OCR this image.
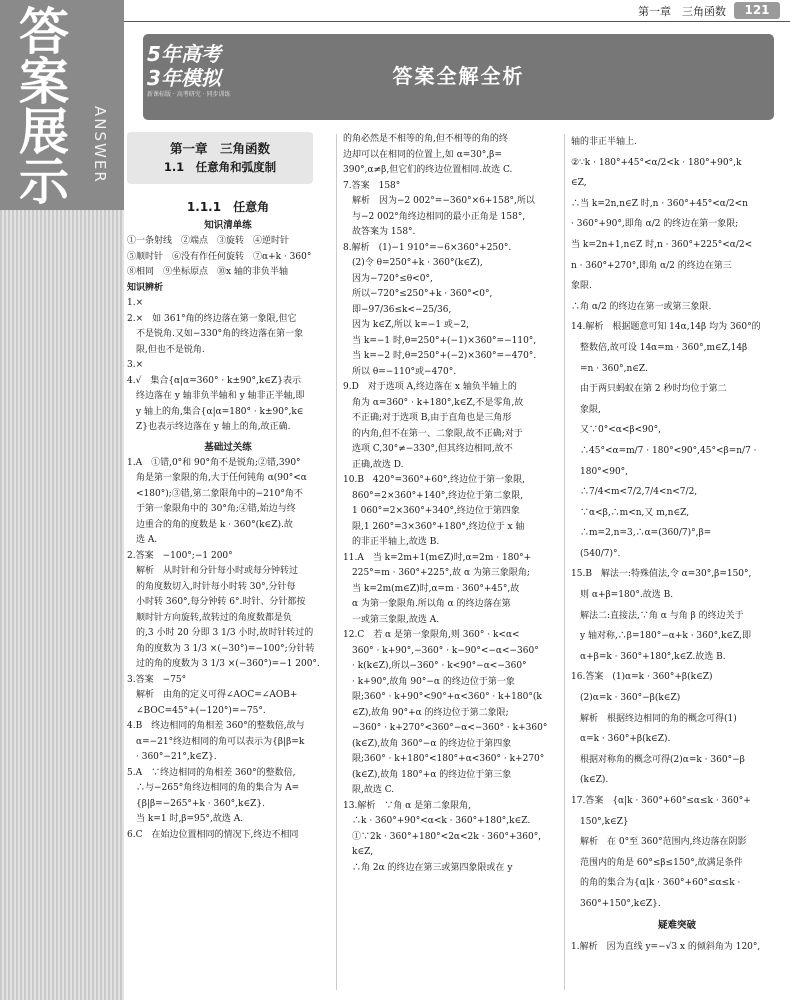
答
案
展
示	ANSWER
第一章　三角函数	121
5年高考
3年模拟
新课标版 · 高考研究 · 同步训练
答案全解全析
第一章　三角函数
1.1　任意角和弧度制
1.1.1　任意角
知识清单练

①一条射线　②端点　③旋转　④逆时针

⑤顺时针　⑥没有作任何旋转　⑦α+k · 360°

⑧相同　⑨坐标原点　⑩x 轴的非负半轴

知识辨析

1.×

2.×　如 361°角的终边落在第一象限,但它

　不是锐角.又如−330°角的终边落在第一象

　限,但也不是锐角.

3.×

4.√　集合{α|α=360° · k±90°,k∈Z}表示

　终边落在 y 轴非负半轴和 y 轴非正半轴,即

　y 轴上的角,集合{α|α=180° · k±90°,k∈

　Z}也表示终边落在 y 轴上的角,故正确.

基础过关练

1.A　①错,0°和 90°角不是锐角;②错,390°

　角是第一象限的角,大于任何钝角 α(90°<α

　<180°);③错,第二象限角中的−210°角不

　于第一象限角中的 30°角;④错,始边与终

　边重合的角的度数是 k · 360°(k∈Z).故

　选 A.

2.答案　−100°;−1 200°

　解析　从时针和分针每小时或每分钟转过

　的角度数切入,时针每小时转 30°,分针每

　小时转 360°,每分钟转 6°.时针、分针都按

　顺时针方向旋转,故转过的角度数都是负

　的,3 小时 20 分即 3 1/3 小时,故时针转过的

　角的度数为 3 1/3 ×(−30°)=−100°;分针转

　过的角的度数为 3 1/3 ×(−360°)=−1 200°.

3.答案　−75°

　解析　由角的定义可得∠AOC=∠AOB+

　∠BOC=45°+(−120°)=−75°.

4.B　终边相同的角相差 360°的整数倍,故与

　α=−21°终边相同的角可以表示为{β|β=k

　· 360°−21°,k∈Z}.

5.A　∵终边相同的角相差 360°的整数倍,

　∴与−265°角终边相同的角的集合为 A=

　{β|β=−265°+k · 360°,k∈Z}.

　当 k=1 时,β=95°,故选 A.

6.C　在始边位置相同的情况下,终边不相同

的角必然是不相等的角,但不相等的角的终

边却可以在相同的位置上,如 α=30°,β=

390°,α≠β,但它们的终边位置相同.故选 C.

7.答案　158°

　解析　因为−2 002°=−360°×6+158°,所以

　与−2 002°角终边相同的最小正角是 158°,

　故答案为 158°.

8.解析　(1)−1 910°=−6×360°+250°.

　(2)令 θ=250°+k · 360°(k∈Z),

　因为−720°≤θ<0°,

　所以−720°≤250°+k · 360°<0°,

　即−97/36≤k<−25/36,

　因为 k∈Z,所以 k=−1 或−2,

　当 k=−1 时,θ=250°+(−1)×360°=−110°,

　当 k=−2 时,θ=250°+(−2)×360°=−470°.

　所以 θ=−110°或−470°.

9.D　对于选项 A,终边落在 x 轴负半轴上的

　角为 α=360° · k+180°,k∈Z,不是零角,故

　不正确;对于选项 B,由于直角也是三角形

　的内角,但不在第一、二象限,故不正确;对于

　选项 C,30°≠−330°,但其终边相同,故不

　正确,故选 D.

10.B　420°=360°+60°,终边位于第一象限,

　860°=2×360°+140°,终边位于第二象限,

　1 060°=2×360°+340°,终边位于第四象

　限,1 260°=3×360°+180°,终边位于 x 轴

　的非正半轴上,故选 B.

11.A　当 k=2m+1(m∈Z)时,α=2m · 180°+

　225°=m · 360°+225°,故 α 为第三象限角;

　当 k=2m(m∈Z)时,α=m · 360°+45°,故

　α 为第一象限角.所以角 α 的终边落在第

　一或第三象限,故选 A.

12.C　若 α 是第一象限角,则 360° · k<α<

　360° · k+90°,−360° · k−90°<−α<−360°

　· k(k∈Z),所以−360° · k<90°−α<−360°

　· k+90°,故角 90°−α 的终边位于第一象

　限;360° · k+90°<90°+α<360° · k+180°(k

　∈Z),故角 90°+α 的终边位于第二象限;

　−360° · k+270°<360°−α<−360° · k+360°

　(k∈Z),故角 360°−α 的终边位于第四象

　限;360° · k+180°<180°+α<360° · k+270°

　(k∈Z),故角 180°+α 的终边位于第三象

　限,故选 C.

13.解析　∵角 α 是第二象限角,

　∴k · 360°+90°<α<k · 360°+180°,k∈Z.

　①∵2k · 360°+180°<2α<2k · 360°+360°,

　k∈Z,

　∴角 2α 的终边在第三或第四象限或在 y

轴的非正半轴上.

②∵k · 180°+45°<α/2<k · 180°+90°,k

∈Z,

∴当 k=2n,n∈Z 时,n · 360°+45°<α/2<n

· 360°+90°,即角 α/2 的终边在第一象限;

当 k=2n+1,n∈Z 时,n · 360°+225°<α/2<

n · 360°+270°,即角 α/2 的终边在第三

象限.

∴角 α/2 的终边在第一或第三象限.

14.解析　根据题意可知 14α,14β 均为 360°的

　整数倍,故可设 14α=m · 360°,m∈Z,14β

　=n · 360°,n∈Z.

　由于两只蚂蚁在第 2 秒时均位于第二

　象限,

　又∵0°<α<β<90°,

　∴45°<α=m/7 · 180°<90°,45°<β=n/7 ·

　180°<90°,

　∴7/4<m<7/2,7/4<n<7/2,

　∵α<β,∴m<n,又 m,n∈Z,

　∴m=2,n=3,∴α=(360/7)°,β=

　(540/7)°.

15.B　解法一:特殊值法,令 α=30°,β=150°,

　则 α+β=180°.故选 B.

　解法二:直接法,∵角 α 与角 β 的终边关于

　y 轴对称,∴β=180°−α+k · 360°,k∈Z,即

　α+β=k · 360°+180°,k∈Z.故选 B.

16.答案　(1)α=k · 360°+β(k∈Z)

　(2)α=k · 360°−β(k∈Z)

　解析　根据终边相同的角的概念可得(1)

　α=k · 360°+β(k∈Z).

　根据对称角的概念可得(2)α=k · 360°−β

　(k∈Z).

17.答案　{α|k · 360°+60°≤α≤k · 360°+

　150°,k∈Z}

　解析　在 0°至 360°范围内,终边落在阴影

　范围内的角是 60°≤β≤150°,故满足条件

　的角的集合为{α|k · 360°+60°≤α≤k ·

　360°+150°,k∈Z}.

疑难突破

1.解析　因为直线 y=−√3 x 的倾斜角为 120°,
